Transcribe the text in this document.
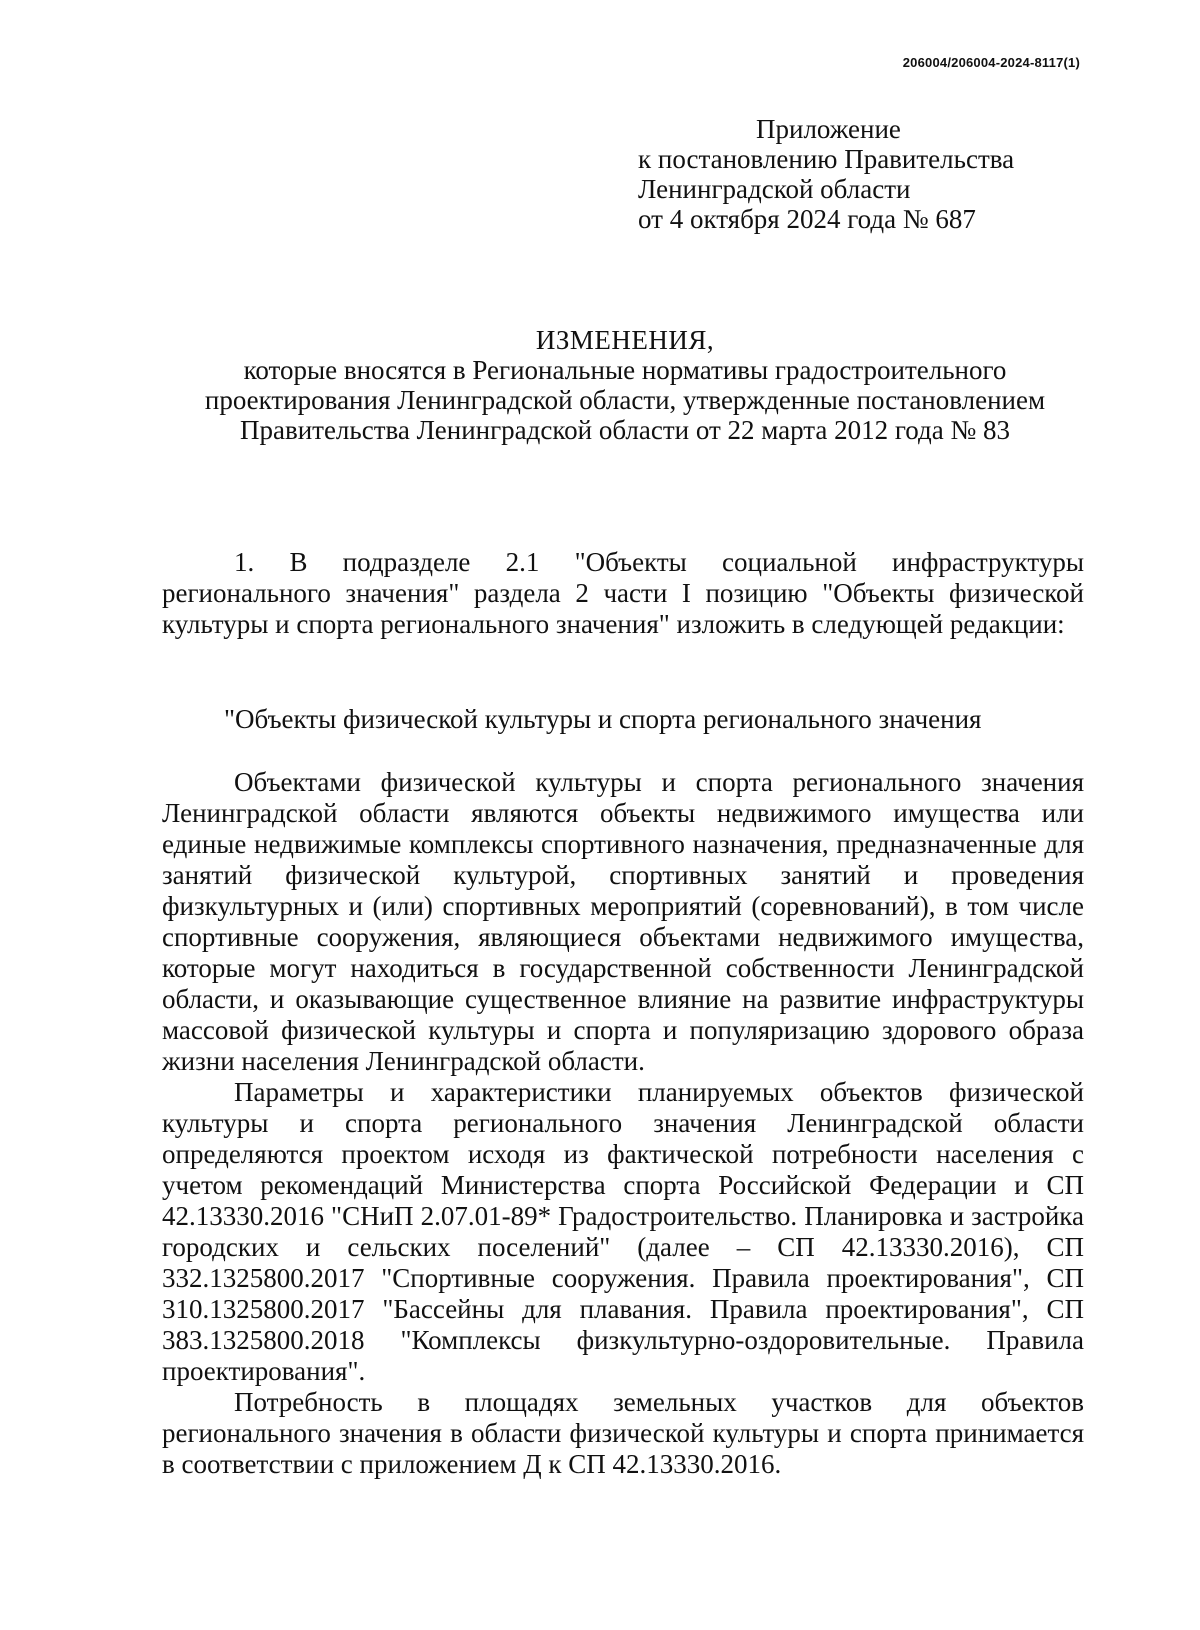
206004/206004-2024-8117(1)
Приложение
к постановлению Правительства
Ленинградской области
от 4 октября 2024 года № 687
ИЗМЕНЕНИЯ,
которые вносятся в Региональные нормативы градостроительного проектирования Ленинградской области, утвержденные постановлением Правительства Ленинградской области от 22 марта 2012 года № 83
1. В подразделе 2.1 "Объекты социальной инфраструктуры регионального значения" раздела 2 части I позицию "Объекты физической культуры и спорта регионального значения" изложить в следующей редакции:
"Объекты физической культуры и спорта регионального значения

Объектами физической культуры и спорта регионального значения Ленинградской области являются объекты недвижимого имущества или единые недвижимые комплексы спортивного назначения, предназначенные для занятий физической культурой, спортивных занятий и проведения физкультурных и (или) спортивных мероприятий (соревнований), в том числе спортивные сооружения, являющиеся объектами недвижимого имущества, которые могут находиться в государственной собственности Ленинградской области, и оказывающие существенное влияние на развитие инфраструктуры массовой физической культуры и спорта и популяризацию здорового образа жизни населения Ленинградской области.

Параметры и характеристики планируемых объектов физической культуры и спорта регионального значения Ленинградской области определяются проектом исходя из фактической потребности населения с учетом рекомендаций Министерства спорта Российской Федерации и СП 42.13330.2016 "СНиП 2.07.01-89* Градостроительство. Планировка и застройка городских и сельских поселений" (далее – СП 42.13330.2016), СП 332.1325800.2017 "Спортивные сооружения. Правила проектирования", СП 310.1325800.2017 "Бассейны для плавания. Правила проектирования", СП 383.1325800.2018 "Комплексы физкультурно-оздоровительные. Правила проектирования".

Потребность в площадях земельных участков для объектов регионального значения в области физической культуры и спорта принимается в соответствии с приложением Д к СП 42.13330.2016.
